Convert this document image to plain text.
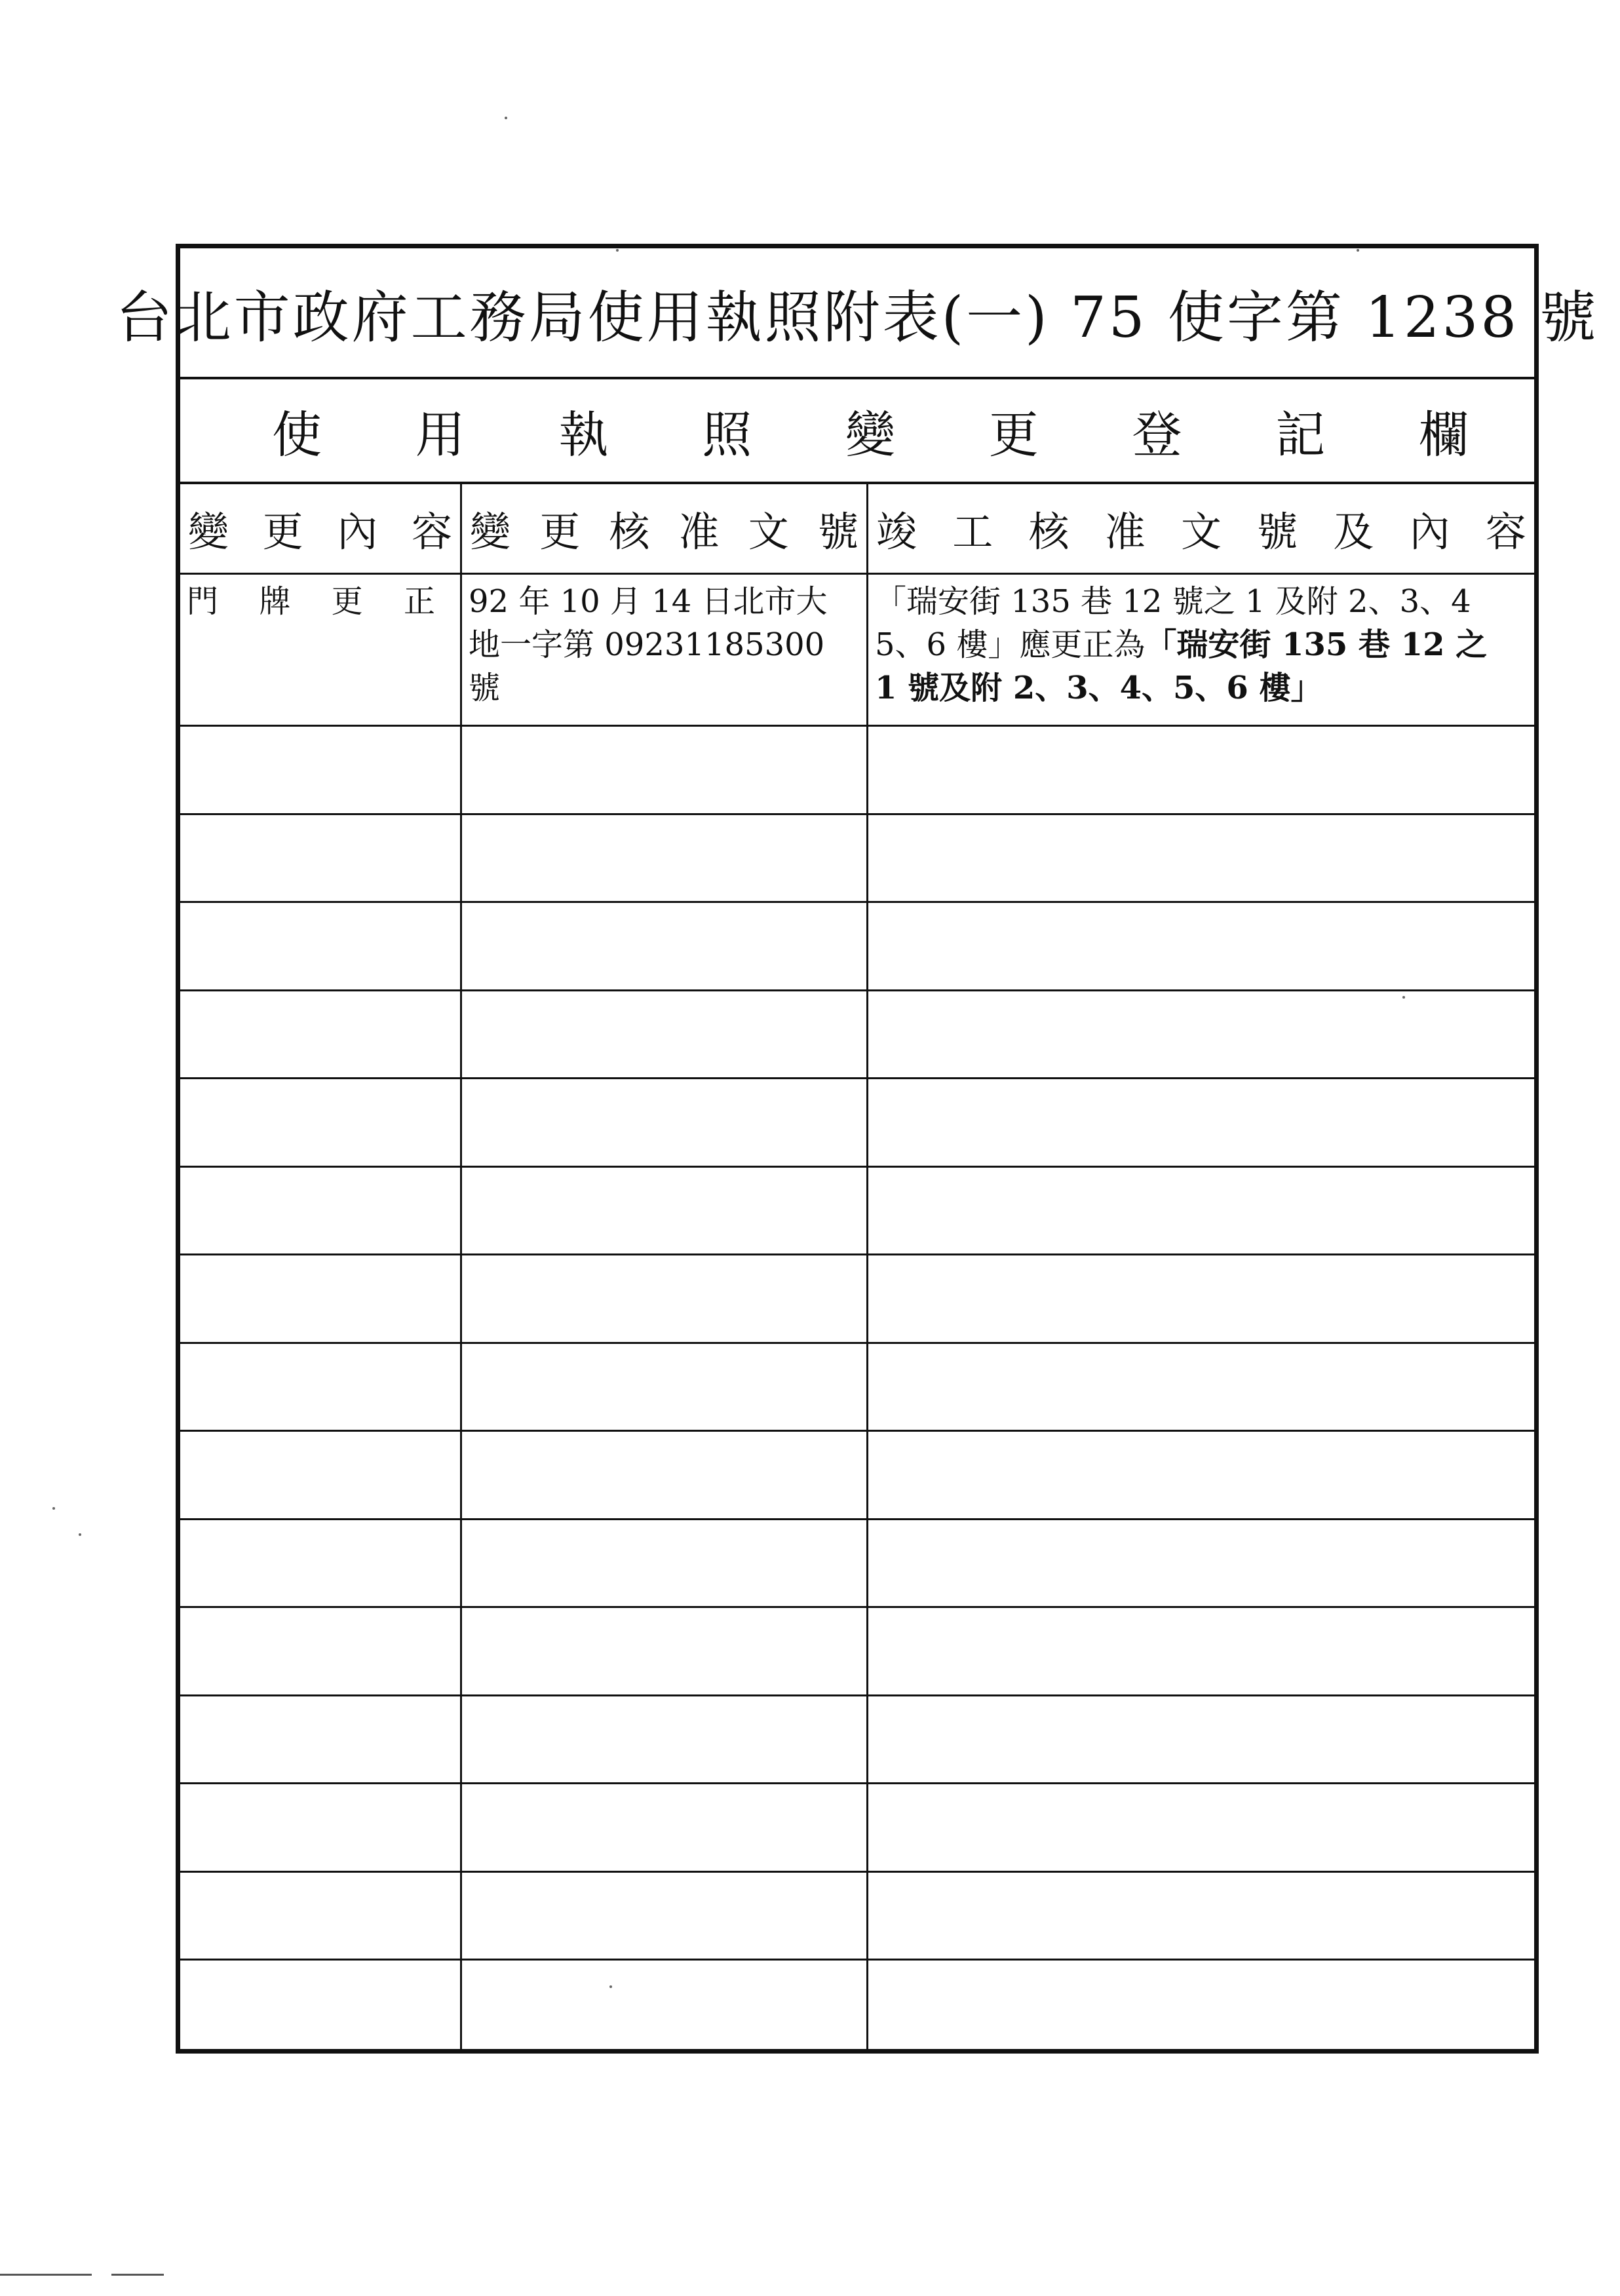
台北市政府工務局使用執照附表(一) 75 使字第 1238 號
使 用 執 照 變 更 登 記 欄
變 更 內 容 變 更 核 准 文 號 竣 工 核 准 文 號 及 內 容
門 牌 更 正 92 年 10 月 14 日北市大
地一字第 09231185300
號
「瑞安街 135 巷 12 號之 1 及附 2、3、4
5、6 樓」應更正為「瑞安街 135 巷 12 之
1 號及附 2、3、4、5、6 樓」
